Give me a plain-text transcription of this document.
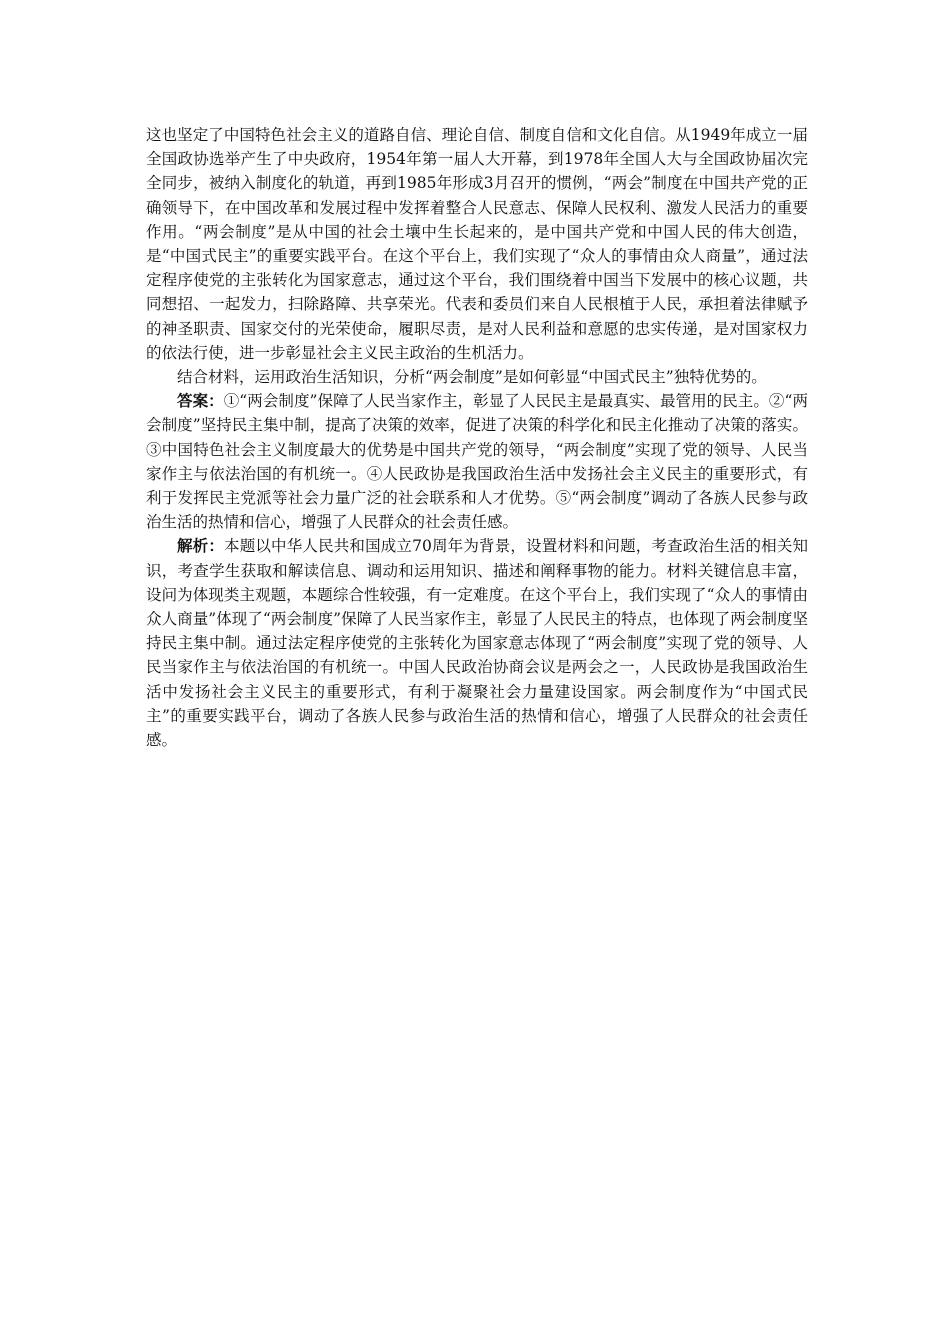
这也坚定了中国特色社会主义的道路自信、理论自信、制度自信和文化自信。从1949年成立一届全国政协选举产生了中央政府，1954年第一届人大开幕，到1978年全国人大与全国政协届次完全同步，被纳入制度化的轨道，再到1985年形成3月召开的惯例，“两会”制度在中国共产党的正确领导下，在中国改革和发展过程中发挥着整合人民意志、保障人民权利、激发人民活力的重要作用。“两会制度”是从中国的社会土壤中生长起来的，是中国共产党和中国人民的伟大创造，是“中国式民主”的重要实践平台。在这个平台上，我们实现了“众人的事情由众人商量”，通过法定程序使党的主张转化为国家意志，通过这个平台，我们围绕着中国当下发展中的核心议题，共同想招、一起发力，扫除路障、共享荣光。代表和委员们来自人民根植于人民，承担着法律赋予的神圣职责、国家交付的光荣使命，履职尽责，是对人民利益和意愿的忠实传递，是对国家权力的依法行使，进一步彰显社会主义民主政治的生机活力。

结合材料，运用政治生活知识，分析“两会制度”是如何彰显“中国式民主”独特优势的。

答案：①“两会制度”保障了人民当家作主，彰显了人民民主是最真实、最管用的民主。②“两会制度”坚持民主集中制，提高了决策的效率，促进了决策的科学化和民主化推动了决策的落实。③中国特色社会主义制度最大的优势是中国共产党的领导，“两会制度”实现了党的领导、人民当家作主与依法治国的有机统一。④人民政协是我国政治生活中发扬社会主义民主的重要形式，有利于发挥民主党派等社会力量广泛的社会联系和人才优势。⑤“两会制度”调动了各族人民参与政治生活的热情和信心，增强了人民群众的社会责任感。

解析：本题以中华人民共和国成立70周年为背景，设置材料和问题，考查政治生活的相关知识，考查学生获取和解读信息、调动和运用知识、描述和阐释事物的能力。材料关键信息丰富，设问为体现类主观题，本题综合性较强，有一定难度。在这个平台上，我们实现了“众人的事情由众人商量”体现了“两会制度”保障了人民当家作主，彰显了人民民主的特点，也体现了两会制度坚持民主集中制。通过法定程序使党的主张转化为国家意志体现了“两会制度”实现了党的领导、人民当家作主与依法治国的有机统一。中国人民政治协商会议是两会之一，人民政协是我国政治生活中发扬社会主义民主的重要形式，有利于凝聚社会力量建设国家。两会制度作为“中国式民主”的重要实践平台，调动了各族人民参与政治生活的热情和信心，增强了人民群众的社会责任感。
